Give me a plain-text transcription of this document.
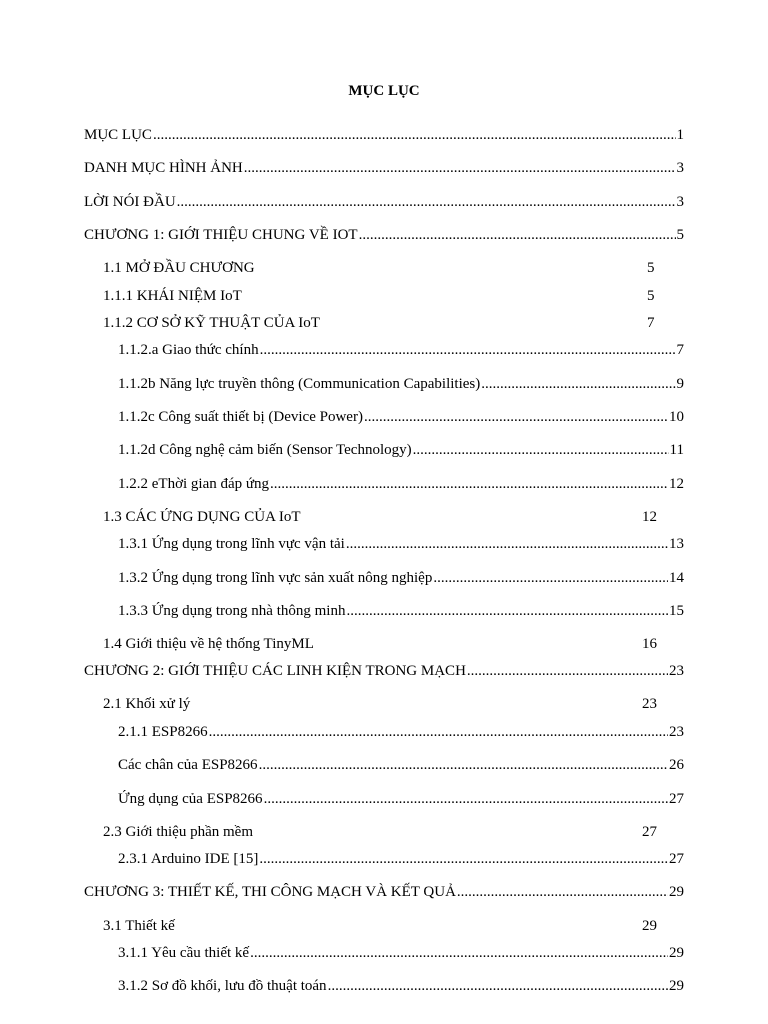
MỤC LỤC
MỤC LỤC .....	1
DANH MỤC HÌNH ẢNH .....	3
LỜI NÓI ĐẦU .....	3
CHƯƠNG 1: GIỚI THIỆU CHUNG VỀ IOT .....	5
1.1 MỞ ĐẦU CHƯƠNG	5
1.1.1 KHÁI NIỆM IoT	5
1.1.2 CƠ SỞ KỸ THUẬT CỦA IoT	7
1.1.2.a Giao thức chính .....	7
1.1.2b Năng lực truyền thông (Communication Capabilities) .....	9
1.1.2c Công suất thiết bị (Device Power) .....	10
1.1.2d Công nghệ cảm biến (Sensor Technology) .....	11
1.2.2 eThời gian đáp ứng .....	12
1.3 CÁC ỨNG DỤNG CỦA IoT	12
1.3.1 Ứng dụng trong lĩnh vực vận tải .....	13
1.3.2 Ứng dụng trong lĩnh vực sản xuất nông nghiệp .....	14
1.3.3 Ứng dụng trong nhà thông minh .....	15
1.4 Giới thiệu về hệ thống TinyML	16
CHƯƠNG 2: GIỚI THIỆU CÁC LINH KIỆN TRONG MẠCH .....	23
2.1 Khối xử lý	23
2.1.1 ESP8266 .....	23
Các chân của ESP8266 .....	26
Ứng dụng của ESP8266 .....	27
2.3 Giới thiệu phần mềm	27
2.3.1 Arduino IDE [15] .....	27
CHƯƠNG 3: THIẾT KẾ, THI CÔNG MẠCH VÀ KẾT QUẢ .....	29
3.1 Thiết kế	29
3.1.1 Yêu cầu thiết kế .....	29
3.1.2 Sơ đồ khối, lưu đồ thuật toán .....	29
